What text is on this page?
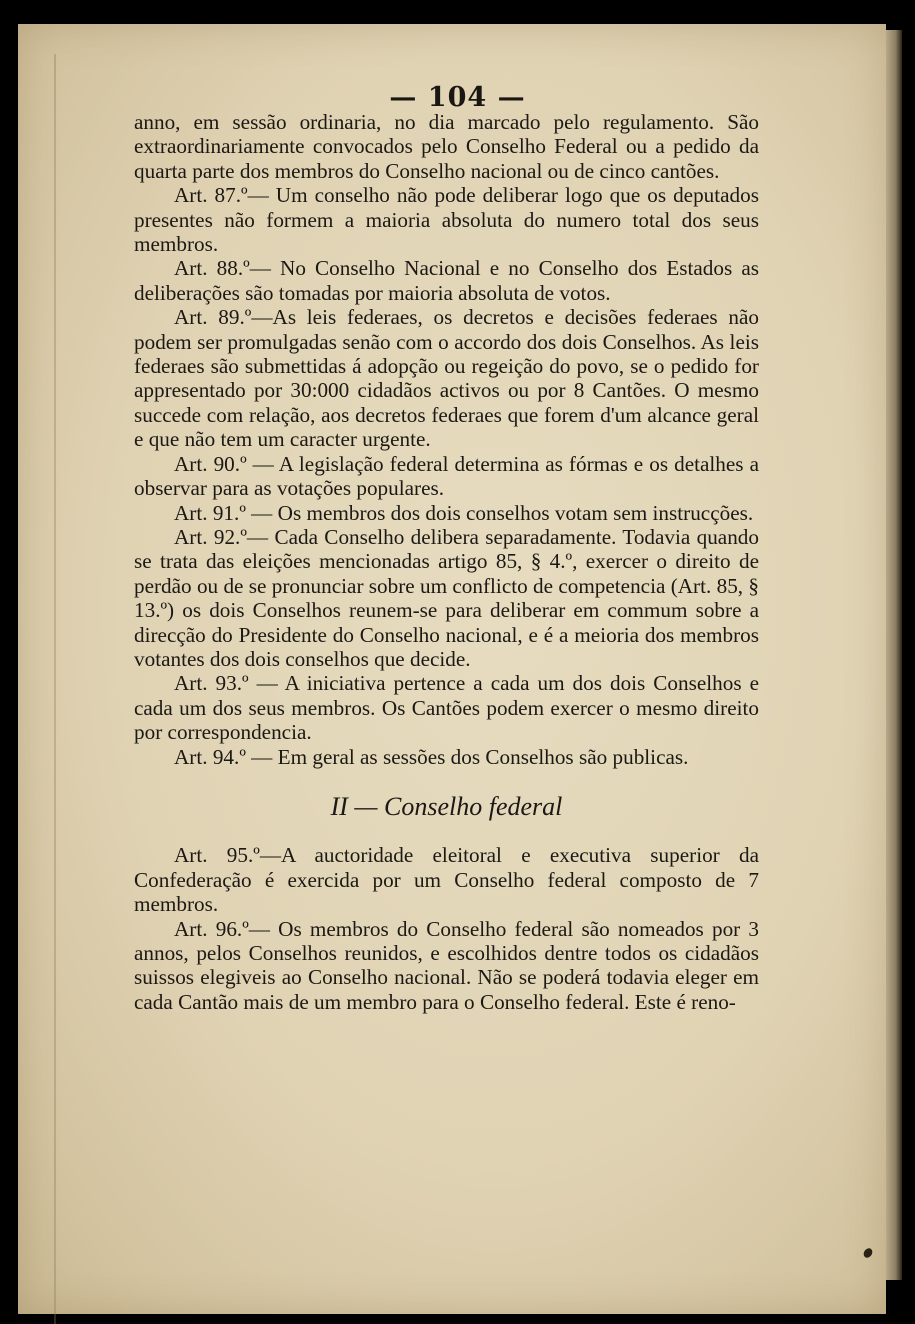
— 104 —

anno, em sessão ordinaria, no dia marcado pelo regulamento. São extraordinariamente convocados pelo Conselho Federal ou a pedido da quarta parte dos membros do Conselho nacional ou de cinco cantões.

Art. 87.º— Um conselho não pode deliberar logo que os deputados presentes não formem a maioria absoluta do numero total dos seus membros.

Art. 88.º— No Conselho Nacional e no Conselho dos Estados as deliberações são tomadas por maioria absoluta de votos.

Art. 89.º—As leis federaes, os decretos e decisões federaes não podem ser promulgadas senão com o accordo dos dois Conselhos. As leis federaes são submettidas á adopção ou regeição do povo, se o pedido for appresentado por 30:000 cidadãos activos ou por 8 Cantões. O mesmo succede com relação, aos decretos federaes que forem d'um alcance geral e que não tem um caracter urgente.

Art. 90.º — A legislação federal determina as fórmas e os detalhes a observar para as votações populares.

Art. 91.º — Os membros dos dois conselhos votam sem instrucções.

Art. 92.º— Cada Conselho delibera separadamente. Todavia quando se trata das eleições mencionadas artigo 85, § 4.º, exercer o direito de perdão ou de se pronunciar sobre um conflicto de competencia (Art. 85, § 13.º) os dois Conselhos reunem-se para deliberar em commum sobre a direcção do Presidente do Conselho nacional, e é a meioria dos membros votantes dos dois conselhos que decide.

Art. 93.º — A iniciativa pertence a cada um dos dois Conselhos e cada um dos seus membros. Os Cantões podem exercer o mesmo direito por correspondencia.

Art. 94.º — Em geral as sessões dos Conselhos são publicas.

II — Conselho federal

Art. 95.º—A auctoridade eleitoral e executiva superior da Confederação é exercida por um Conselho federal composto de 7 membros.

Art. 96.º— Os membros do Conselho federal são nomeados por 3 annos, pelos Conselhos reunidos, e escolhidos dentre todos os cidadãos suissos elegiveis ao Conselho nacional. Não se poderá todavia eleger em cada Cantão mais de um membro para o Conselho federal. Este é reno-
